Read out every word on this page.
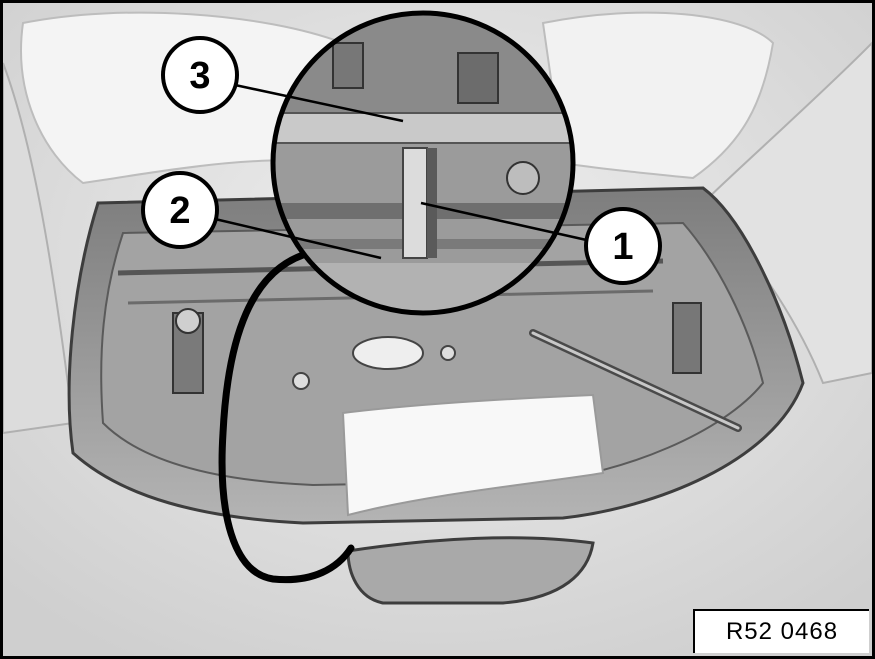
3
2
1
R52 0468
